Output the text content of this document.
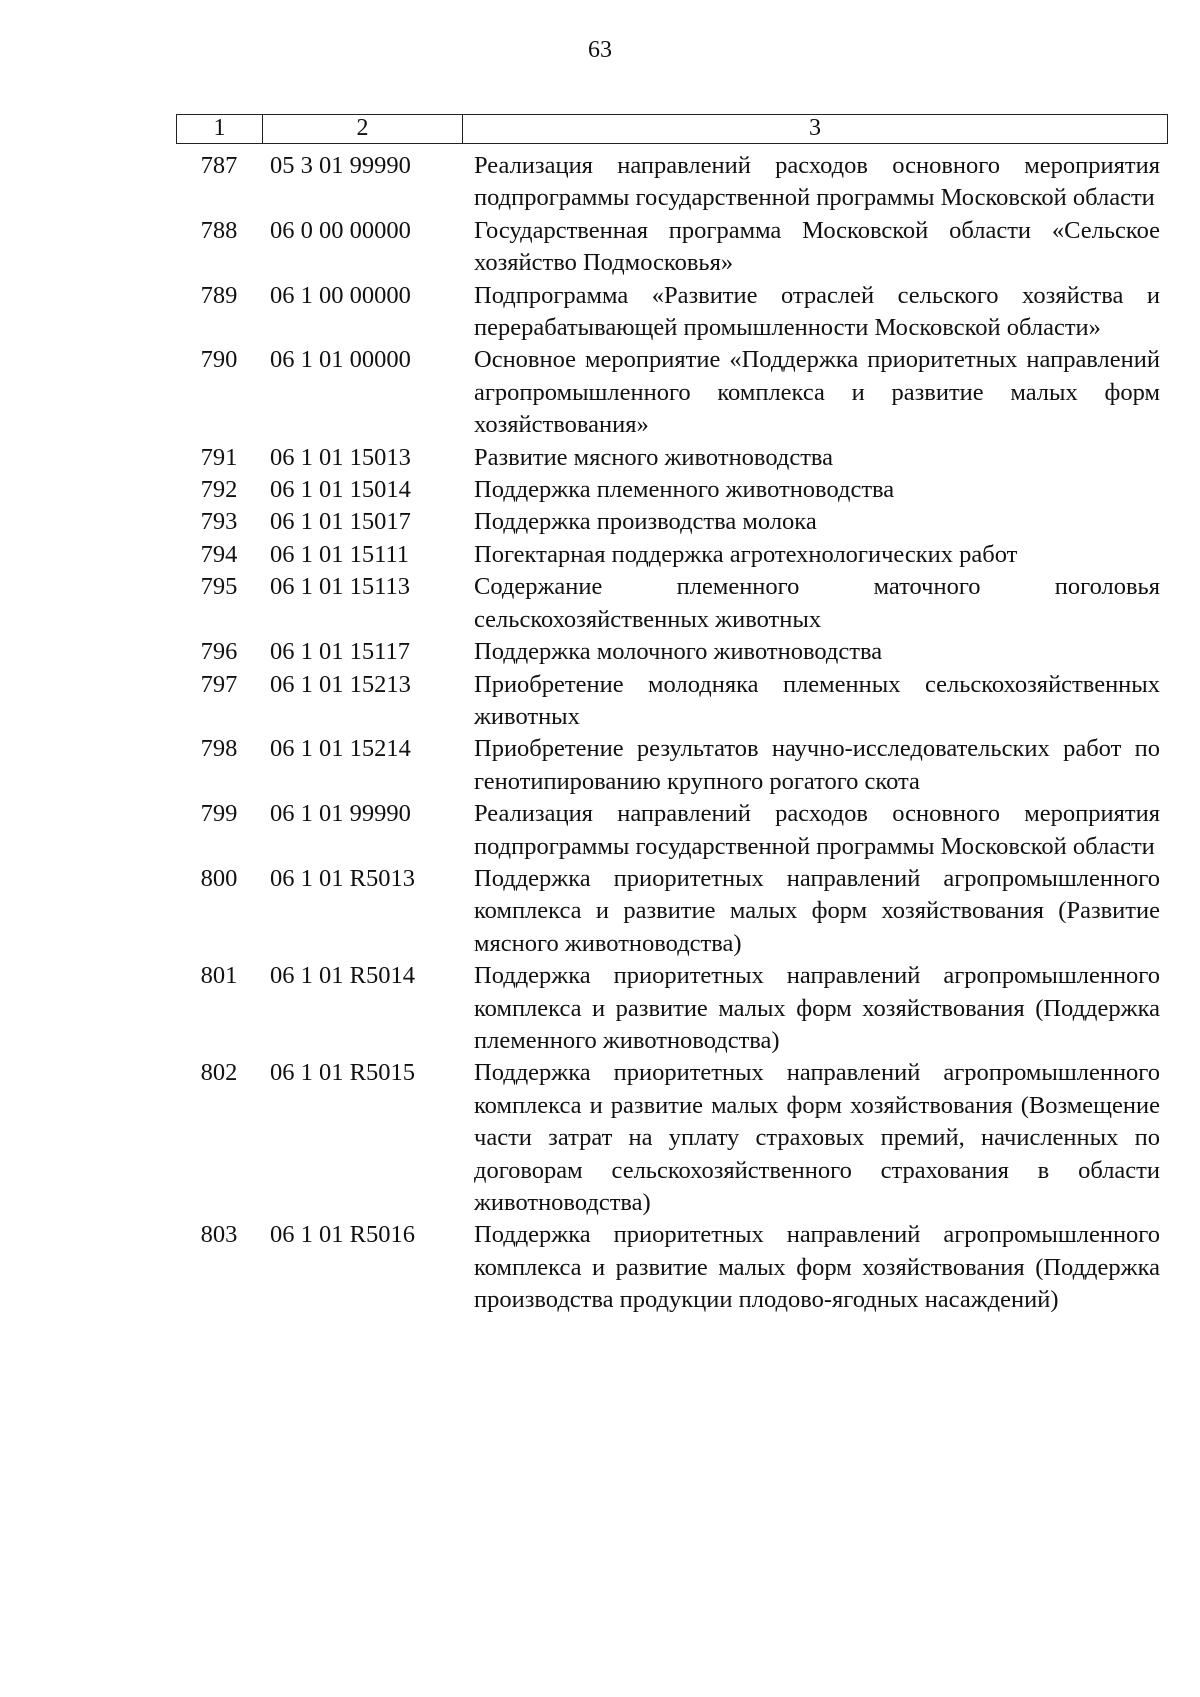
63
1	2	3
787	05 3 01 99990	Реализация направлений расходов основного мероприятия подпрограммы государственной программы Московской области
788	06 0 00 00000	Государственная программа Московской области «Сельское хозяйство Подмосковья»
789	06 1 00 00000	Подпрограмма «Развитие отраслей сельского хозяйства и перерабатывающей промышленности Московской области»
790	06 1 01 00000	Основное мероприятие «Поддержка приоритетных направлений агропромышленного комплекса и развитие малых форм хозяйствования»
791	06 1 01 15013	Развитие мясного животноводства
792	06 1 01 15014	Поддержка племенного животноводства
793	06 1 01 15017	Поддержка производства молока
794	06 1 01 15111	Погектарная поддержка агротехнологических работ
795	06 1 01 15113	Содержание племенного маточного поголовья сельскохозяйственных животных
796	06 1 01 15117	Поддержка молочного животноводства
797	06 1 01 15213	Приобретение молодняка племенных сельскохозяйственных животных
798	06 1 01 15214	Приобретение результатов научно-исследовательских работ по генотипированию крупного рогатого скота
799	06 1 01 99990	Реализация направлений расходов основного мероприятия подпрограммы государственной программы Московской области
800	06 1 01 R5013	Поддержка приоритетных направлений агропромышленного комплекса и развитие малых форм хозяйствования (Развитие мясного животноводства)
801	06 1 01 R5014	Поддержка приоритетных направлений агропромышленного комплекса и развитие малых форм хозяйствования (Поддержка племенного животноводства)
802	06 1 01 R5015	Поддержка приоритетных направлений агропромышленного комплекса и развитие малых форм хозяйствования (Возмещение части затрат на уплату страховых премий, начисленных по договорам сельскохозяйственного страхования в области животноводства)
803	06 1 01 R5016	Поддержка приоритетных направлений агропромышленного комплекса и развитие малых форм хозяйствования (Поддержка производства продукции плодово-ягодных насаждений)
